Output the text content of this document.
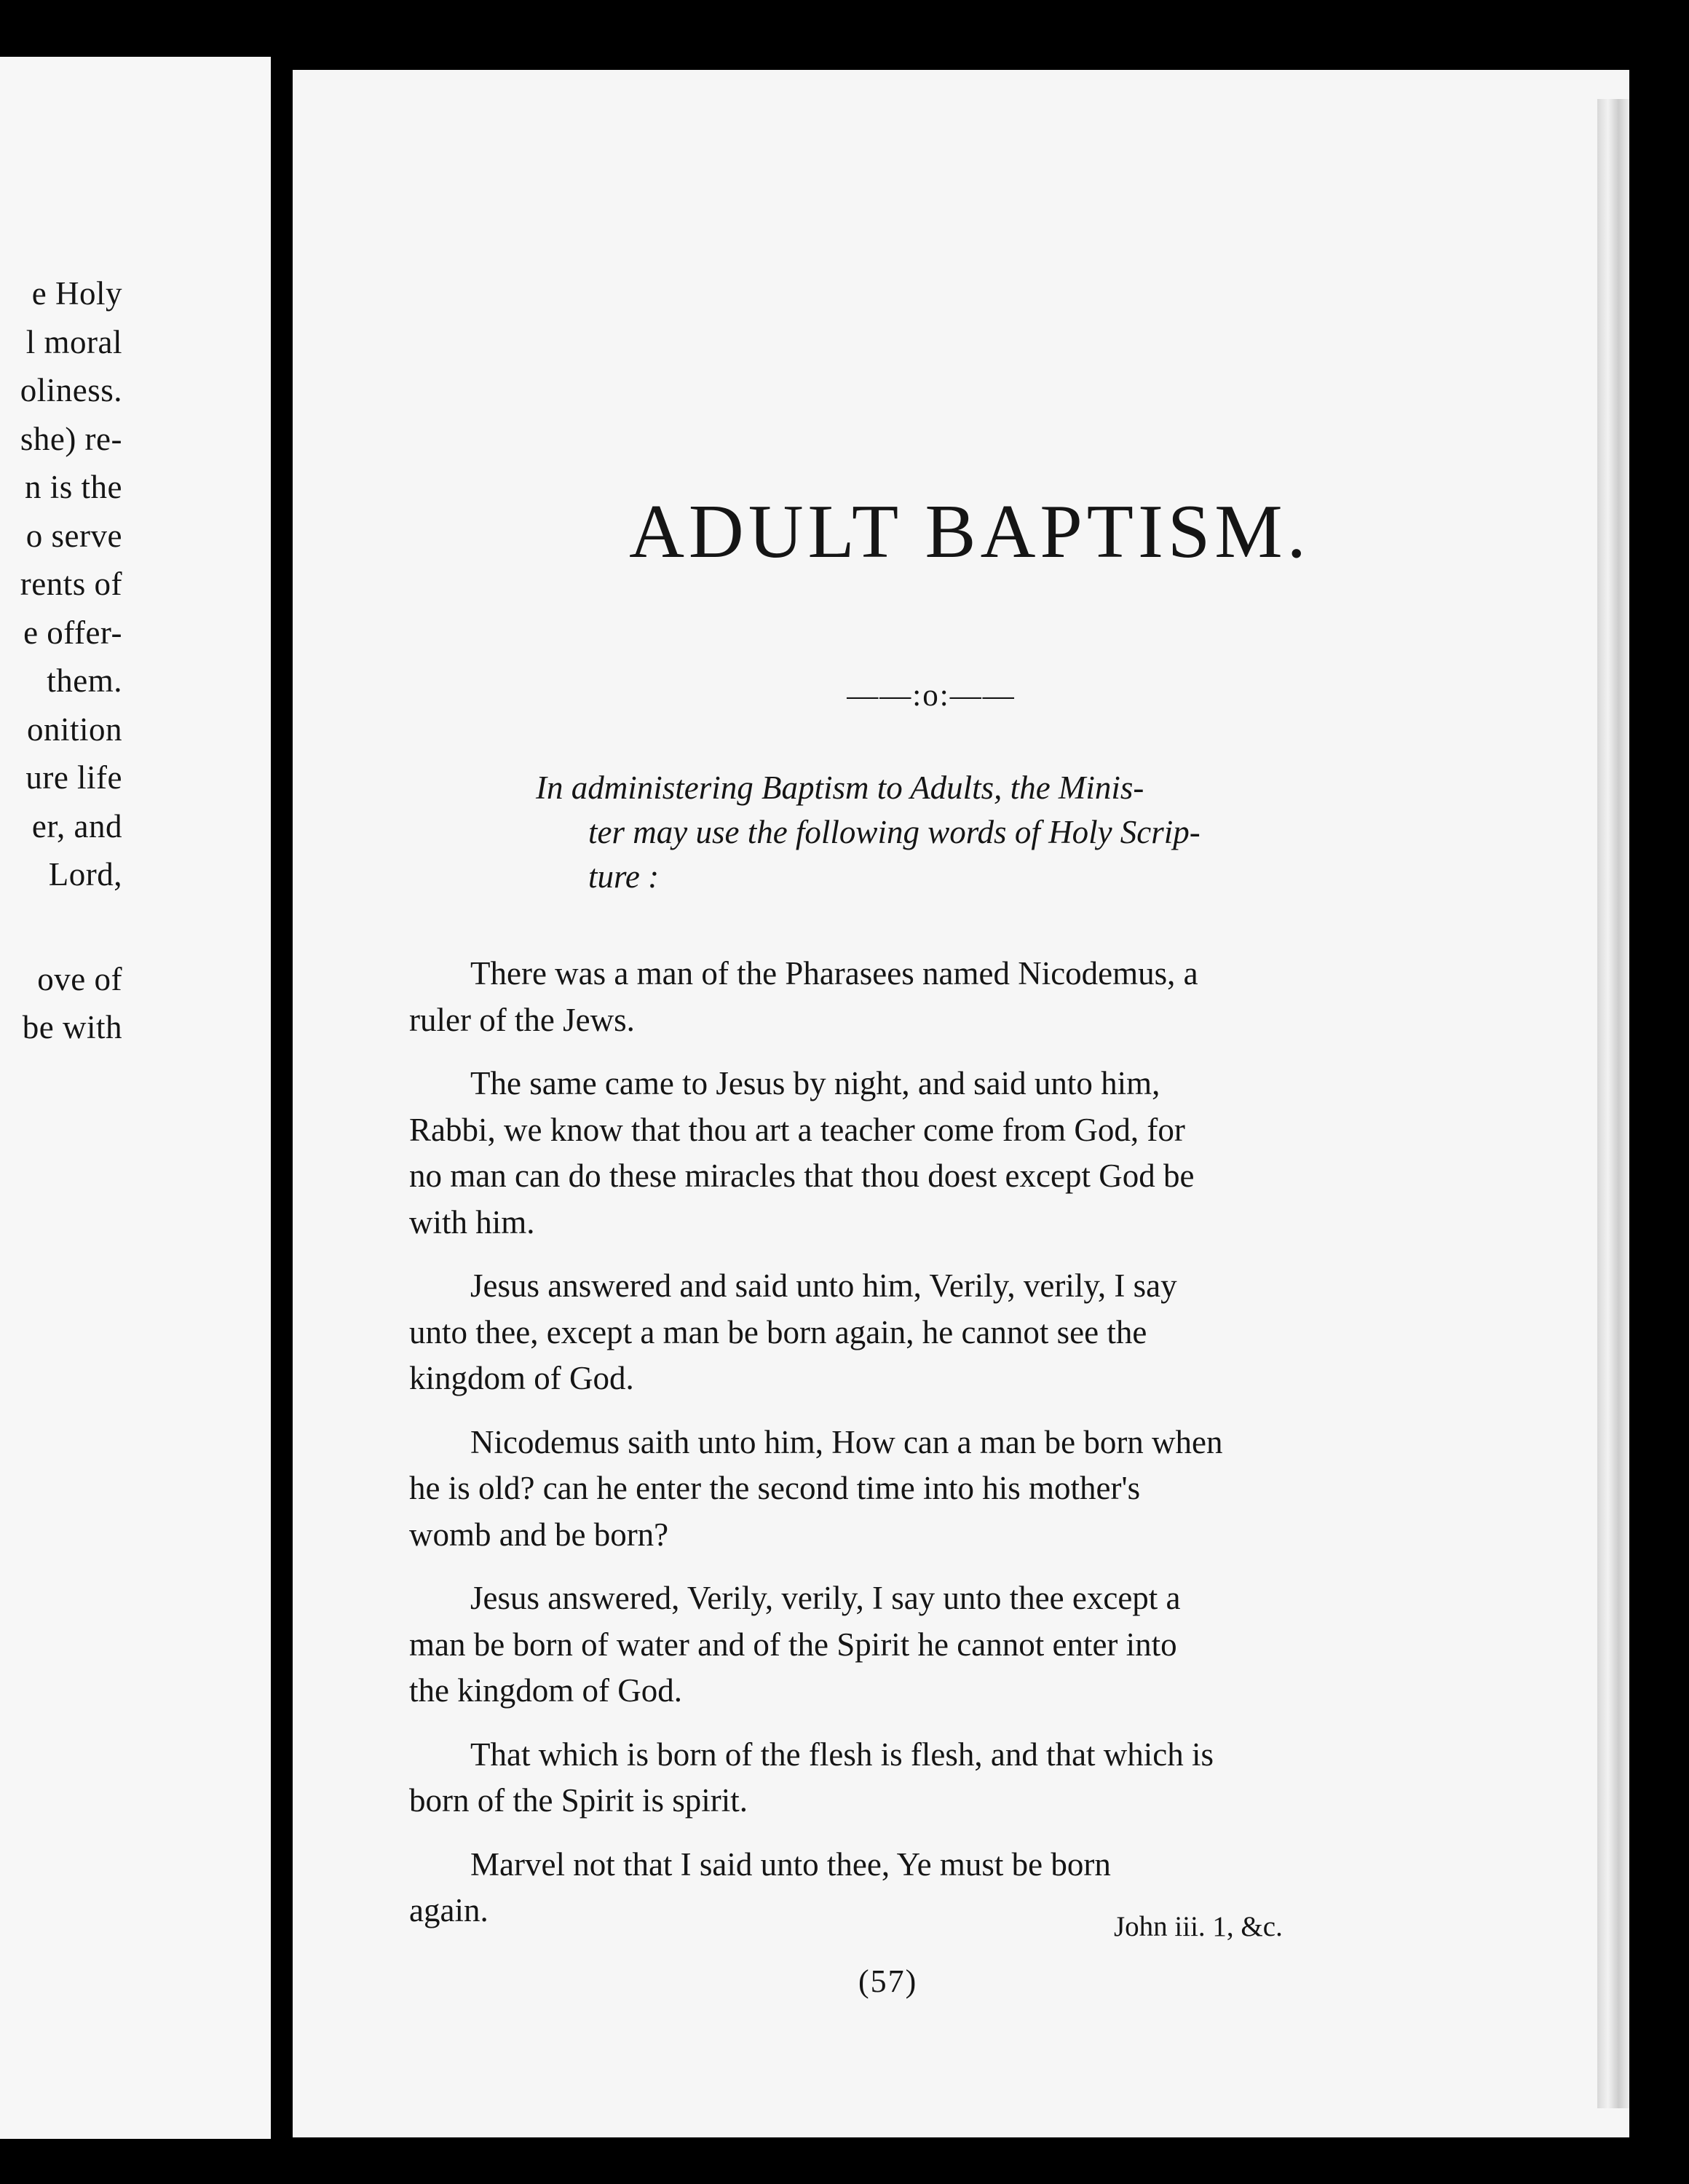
e Holy
l moral
oliness.
she) re-
n is the
o serve
rents of
e offer-
them.
onition
ure life
er, and
Lord,
ove of
be with
ADULT BAPTISM.
——:o:——
In administering Baptism to Adults, the Minis-
ter may use the following words of Holy Scrip-
ture :
There was a man of the Pharasees named Nicodemus, a
ruler of the Jews.
The same came to Jesus by night, and said unto him,
Rabbi, we know that thou art a teacher come from God, for
no man can do these miracles that thou doest except God be
with him.
Jesus answered and said unto him, Verily, verily, I say
unto thee, except a man be born again, he cannot see the
kingdom of God.
Nicodemus saith unto him, How can a man be born when
he is old? can he enter the second time into his mother's
womb and be born?
Jesus answered, Verily, verily, I say unto thee except a
man be born of water and of the Spirit he cannot enter into
the kingdom of God.
That which is born of the flesh is flesh, and that which is
born of the Spirit is spirit.
Marvel not that I said unto thee, Ye must be born
again.	John iii. 1, &c.
(57)
